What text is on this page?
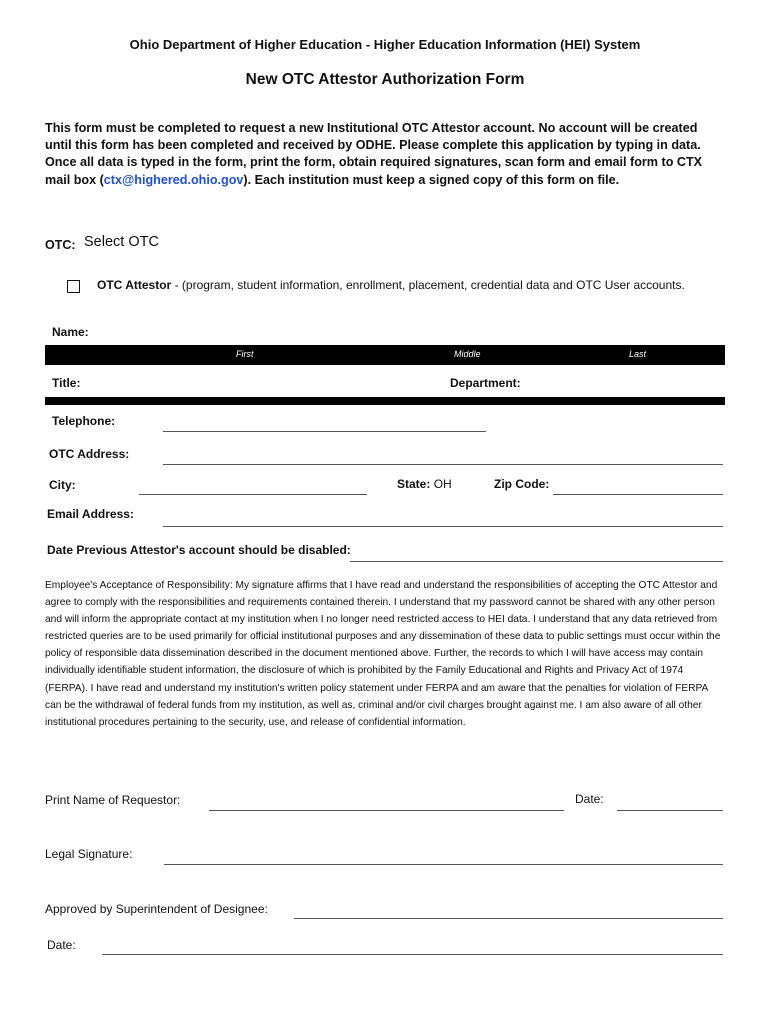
Ohio Department of Higher Education - Higher Education Information (HEI) System
New OTC Attestor Authorization Form
This form must be completed to request a new Institutional OTC Attestor account. No account will be created until this form has been completed and received by ODHE. Please complete this application by typing in data. Once all data is typed in the form, print the form, obtain required signatures, scan form and email form to CTX mail box (ctx@highered.ohio.gov). Each institution must keep a signed copy of this form on file.
OTC: Select OTC
OTC Attestor - (program, student information, enrollment, placement, credential data and OTC User accounts.
Name:
First	Middle	Last
Title:	Department:
Telephone:
OTC Address:
City:	State: OH	Zip Code:
Email Address:
Date Previous Attestor's account should be disabled:
Employee's Acceptance of Responsibility: My signature affirms that I have read and understand the responsibilities of accepting the OTC Attestor and agree to comply with the responsibilities and requirements contained therein. I understand that my password cannot be shared with any other person and will inform the appropriate contact at my institution when I no longer need restricted access to HEI data. I understand that any data retrieved from restricted queries are to be used primarily for official institutional purposes and any dissemination of these data to public settings must occur within the policy of responsible data dissemination described in the document mentioned above. Further, the records to which I will have access may contain individually identifiable student information, the disclosure of which is prohibited by the Family Educational and Rights and Privacy Act of 1974 (FERPA). I have read and understand my institution's written policy statement under FERPA and am aware that the penalties for violation of FERPA can be the withdrawal of federal funds from my institution, as well as, criminal and/or civil charges brought against me. I am also aware of all other institutional procedures pertaining to the security, use, and release of confidential information.
Print Name of Requestor:	Date:
Legal Signature:
Approved by Superintendent of Designee:
Date:
